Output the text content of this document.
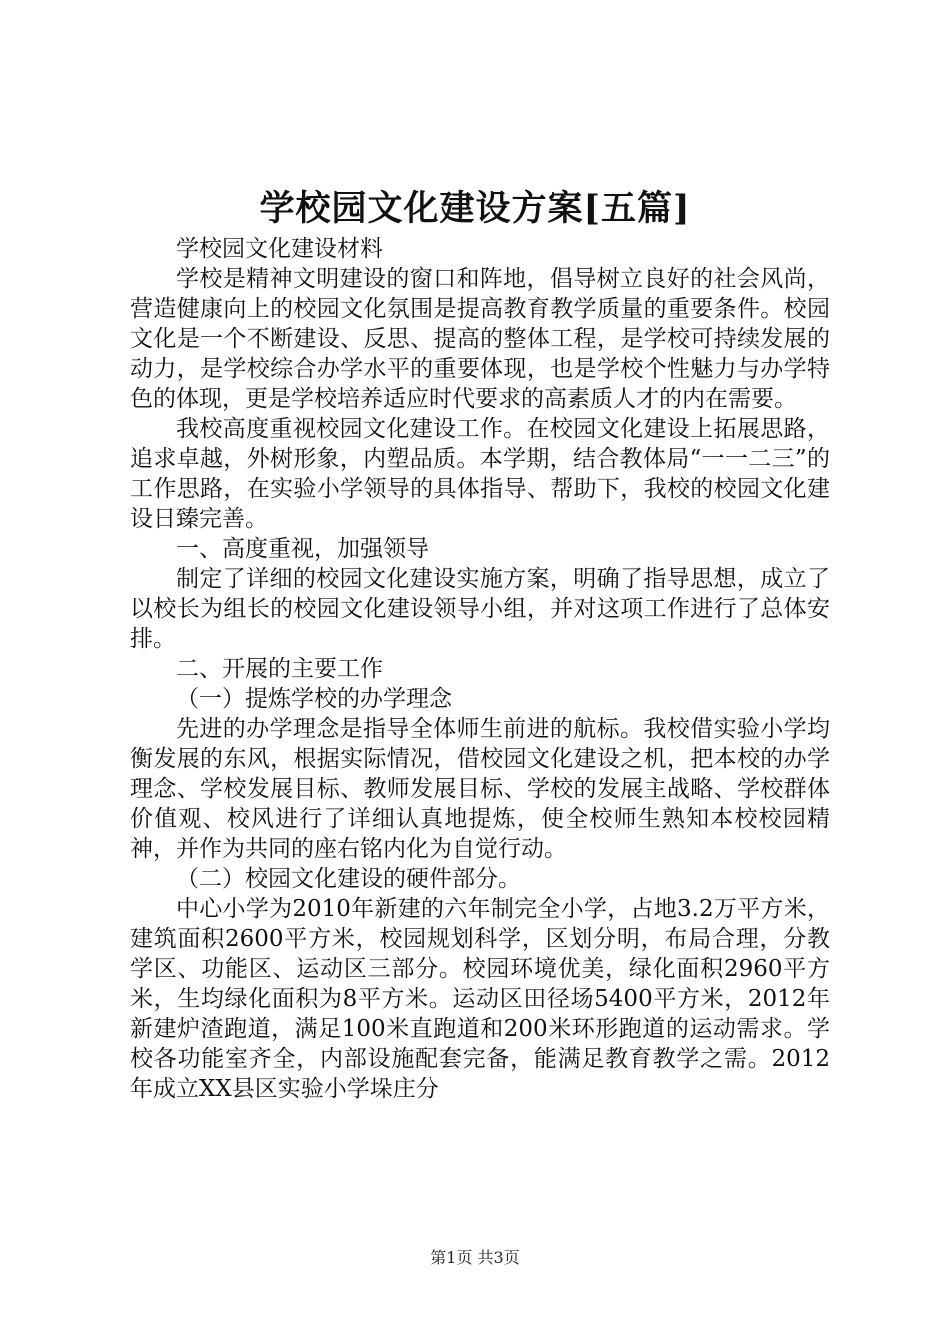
学校园文化建设方案[五篇]

学校园文化建设材料

学校是精神文明建设的窗口和阵地，倡导树立良好的社会风尚，营造健康向上的校园文化氛围是提高教育教学质量的重要条件。校园文化是一个不断建设、反思、提高的整体工程，是学校可持续发展的动力，是学校综合办学水平的重要体现，也是学校个性魅力与办学特色的体现，更是学校培养适应时代要求的高素质人才的内在需要。

我校高度重视校园文化建设工作。在校园文化建设上拓展思路，追求卓越，外树形象，内塑品质。本学期，结合教体局“一一二三”的工作思路，在实验小学领导的具体指导、帮助下，我校的校园文化建设日臻完善。

一、高度重视，加强领导

制定了详细的校园文化建设实施方案，明确了指导思想，成立了以校长为组长的校园文化建设领导小组，并对这项工作进行了总体安排。

二、开展的主要工作

（一）提炼学校的办学理念

先进的办学理念是指导全体师生前进的航标。我校借实验小学均衡发展的东风，根据实际情况，借校园文化建设之机，把本校的办学理念、学校发展目标、教师发展目标、学校的发展主战略、学校群体价值观、校风进行了详细认真地提炼，使全校师生熟知本校校园精神，并作为共同的座右铭内化为自觉行动。

（二）校园文化建设的硬件部分。

中心小学为2010年新建的六年制完全小学，占地3.2万平方米，建筑面积2600平方米，校园规划科学，区划分明，布局合理，分教学区、功能区、运动区三部分。校园环境优美，绿化面积2960平方米，生均绿化面积为8平方米。运动区田径场5400平方米，2012年新建炉渣跑道，满足100米直跑道和200米环形跑道的运动需求。学校各功能室齐全，内部设施配套完备，能满足教育教学之需。2012年成立XX县区实验小学垛庄分

第1页 共3页
